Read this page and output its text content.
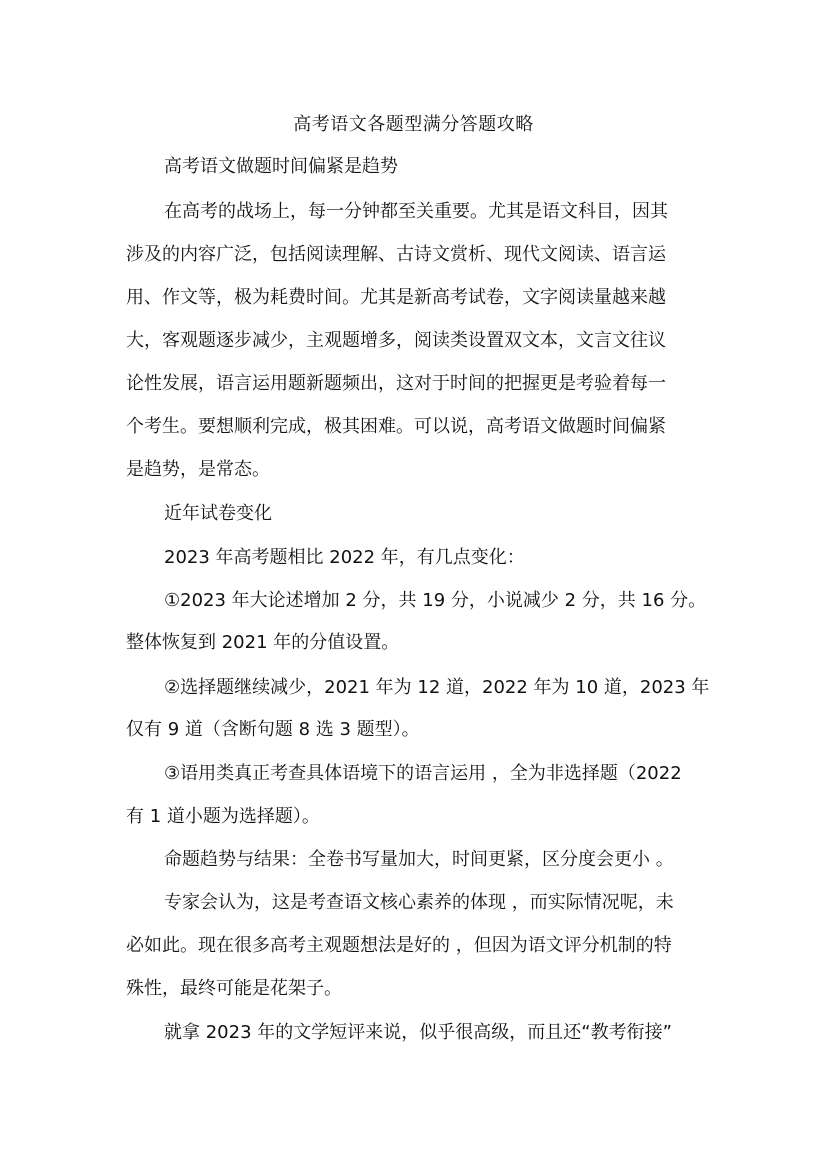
高考语文各题型满分答题攻略
高考语文做题时间偏紧是趋势
在高考的战场上，每一分钟都至关重要。尤其是语文科目，因其
涉及的内容广泛，包括阅读理解、古诗文赏析、现代文阅读、语言运
用、作文等，极为耗费时间。尤其是新高考试卷，文字阅读量越来越
大，客观题逐步减少，主观题增多，阅读类设置双文本，文言文往议
论性发展，语言运用题新题频出，这对于时间的把握更是考验着每一
个考生。要想顺利完成，极其困难。可以说，高考语文做题时间偏紧
是趋势，是常态。
近年试卷变化
2023 年高考题相比 2022 年，有几点变化：
①2023 年大论述增加 2 分，共 19 分，小说减少 2 分，共 16 分。
整体恢复到 2021 年的分值设置。
②选择题继续减少，2021 年为 12 道，2022 年为 10 道，2023 年
仅有 9 道（含断句题 8 选 3 题型）。
③语用类真正考查具体语境下的语言运用 ，全为非选择题（2022
有 1 道小题为选择题）。
命题趋势与结果：全卷书写量加大，时间更紧，区分度会更小 。
专家会认为，这是考查语文核心素养的体现 ，而实际情况呢，未
必如此。现在很多高考主观题想法是好的 ，但因为语文评分机制的特
殊性，最终可能是花架子。
就拿 2023 年的文学短评来说，似乎很高级，而且还“教考衔接”
